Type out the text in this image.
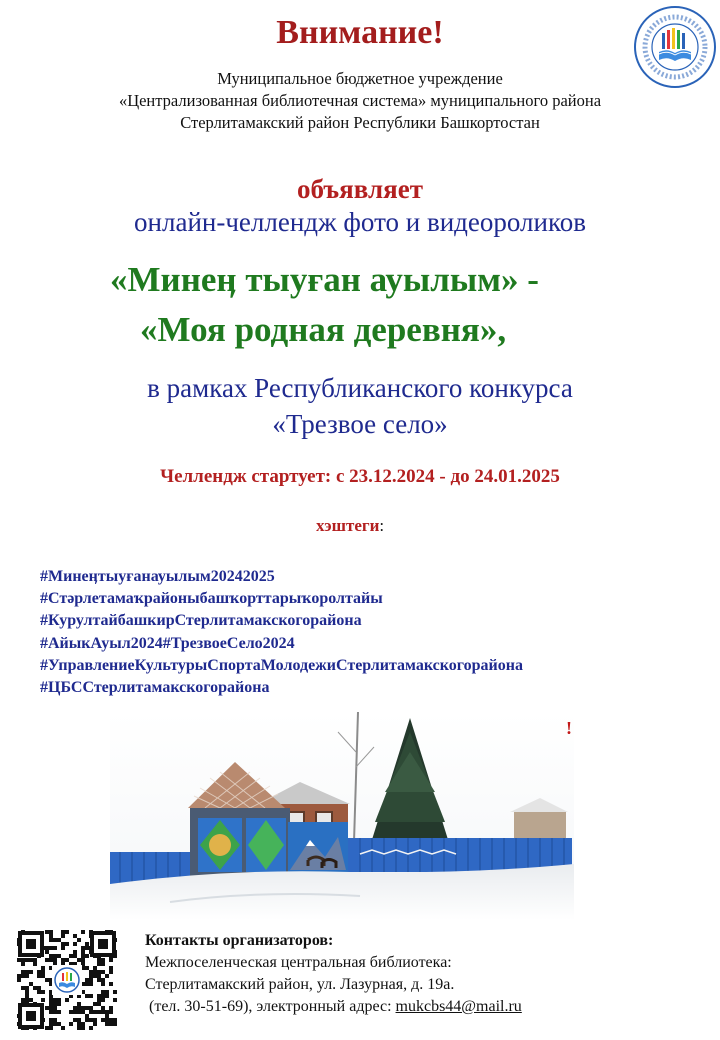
Внимание!
Муниципальное бюджетное учреждение
«Централизованная библиотечная система» муниципального района
Стерлитамакский район Республики Башкортостан
объявляет
онлайн-челлендж фото и видеороликов
«Минеӊ тыуған ауылым» -
«Моя родная деревня»,
в рамках Республиканского конкурса
«Трезвое село»
Челлендж стартует: с 23.12.2024 - до 24.01.2025
хэштеги:
#Минеӊтыуғанауылым20242025
#Стәрлетамаҡрайоныбашҡорттарыҡоролтайы
#КурултайбашкирСтерлитамакскогорайона
#АйыкАуыл2024#ТрезвоеСело2024
#УправлениеКультурыСпортаМолодежиСтерлитамакскогорайона
#ЦБССтерлитамакскогорайона
!
Контакты организаторов:
Межпоселенческая центральная библиотека:
Стерлитамакский район, ул. Лазурная, д. 19а.
(тел. 30-51-69), электронный адрес: mukcbs44@mail.ru
